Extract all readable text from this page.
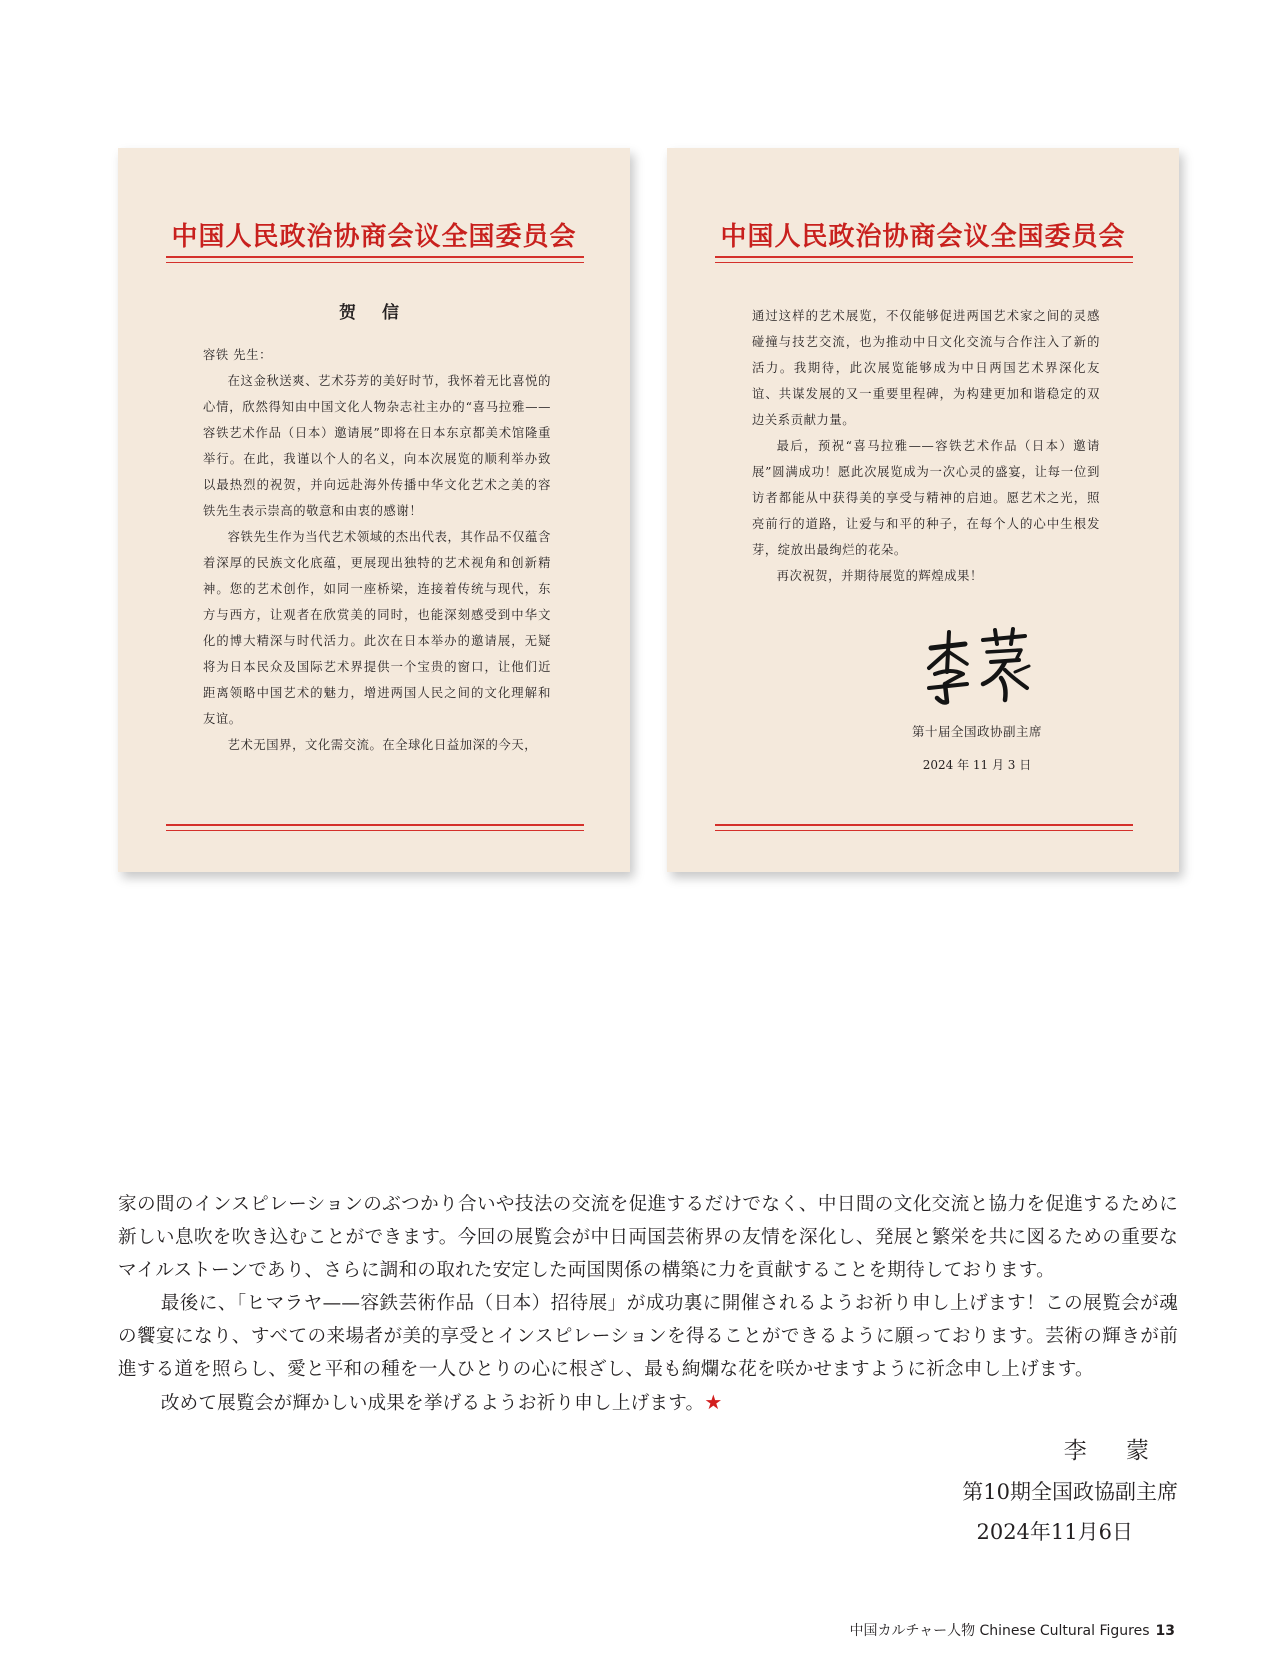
中国人民政治协商会议全国委员会
贺 信

容铁 先生：

在这金秋送爽、艺术芬芳的美好时节，我怀着无比喜悦的心情，欣然得知由中国文化人物杂志社主办的“喜马拉雅——容铁艺术作品（日本）邀请展”即将在日本东京都美术馆隆重举行。在此，我谨以个人的名义，向本次展览的顺利举办致以最热烈的祝贺，并向远赴海外传播中华文化艺术之美的容铁先生表示崇高的敬意和由衷的感谢！

容铁先生作为当代艺术领域的杰出代表，其作品不仅蕴含着深厚的民族文化底蕴，更展现出独特的艺术视角和创新精神。您的艺术创作，如同一座桥梁，连接着传统与现代，东方与西方，让观者在欣赏美的同时，也能深刻感受到中华文化的博大精深与时代活力。此次在日本举办的邀请展，无疑将为日本民众及国际艺术界提供一个宝贵的窗口，让他们近距离领略中国艺术的魅力，增进两国人民之间的文化理解和友谊。

艺术无国界，文化需交流。在全球化日益加深的今天，

中国人民政治协商会议全国委员会

通过这样的艺术展览，不仅能够促进两国艺术家之间的灵感碰撞与技艺交流，也为推动中日文化交流与合作注入了新的活力。我期待，此次展览能够成为中日两国艺术界深化友谊、共谋发展的又一重要里程碑，为构建更加和谐稳定的双边关系贡献力量。

最后，预祝“喜马拉雅——容铁艺术作品（日本）邀请展”圆满成功！愿此次展览成为一次心灵的盛宴，让每一位到访者都能从中获得美的享受与精神的启迪。愿艺术之光，照亮前行的道路，让爱与和平的种子，在每个人的心中生根发芽，绽放出最绚烂的花朵。

再次祝贺，并期待展览的辉煌成果！

第十届全国政协副主席
2024 年 11 月 3 日

家の間のインスピレーションのぶつかり合いや技法の交流を促進するだけでなく、中日間の文化交流と協力を促進するために新しい息吹を吹き込むことができます。今回の展覧会が中日両国芸術界の友情を深化し、発展と繁栄を共に図るための重要なマイルストーンであり、さらに調和の取れた安定した両国関係の構築に力を貢献することを期待しております。

最後に、「ヒマラヤ——容鉄芸術作品（日本）招待展」が成功裏に開催されるようお祈り申し上げます！この展覧会が魂の饗宴になり、すべての来場者が美的享受とインスピレーションを得ることができるように願っております。芸術の輝きが前進する道を照らし、愛と平和の種を一人ひとりの心に根ざし、最も絢爛な花を咲かせますように祈念申し上げます。

改めて展覧会が輝かしい成果を挙げるようお祈り申し上げます。★

李 蒙
第10期全国政協副主席
2024年11月6日
中国カルチャー人物 Chinese Cultural Figures 13
